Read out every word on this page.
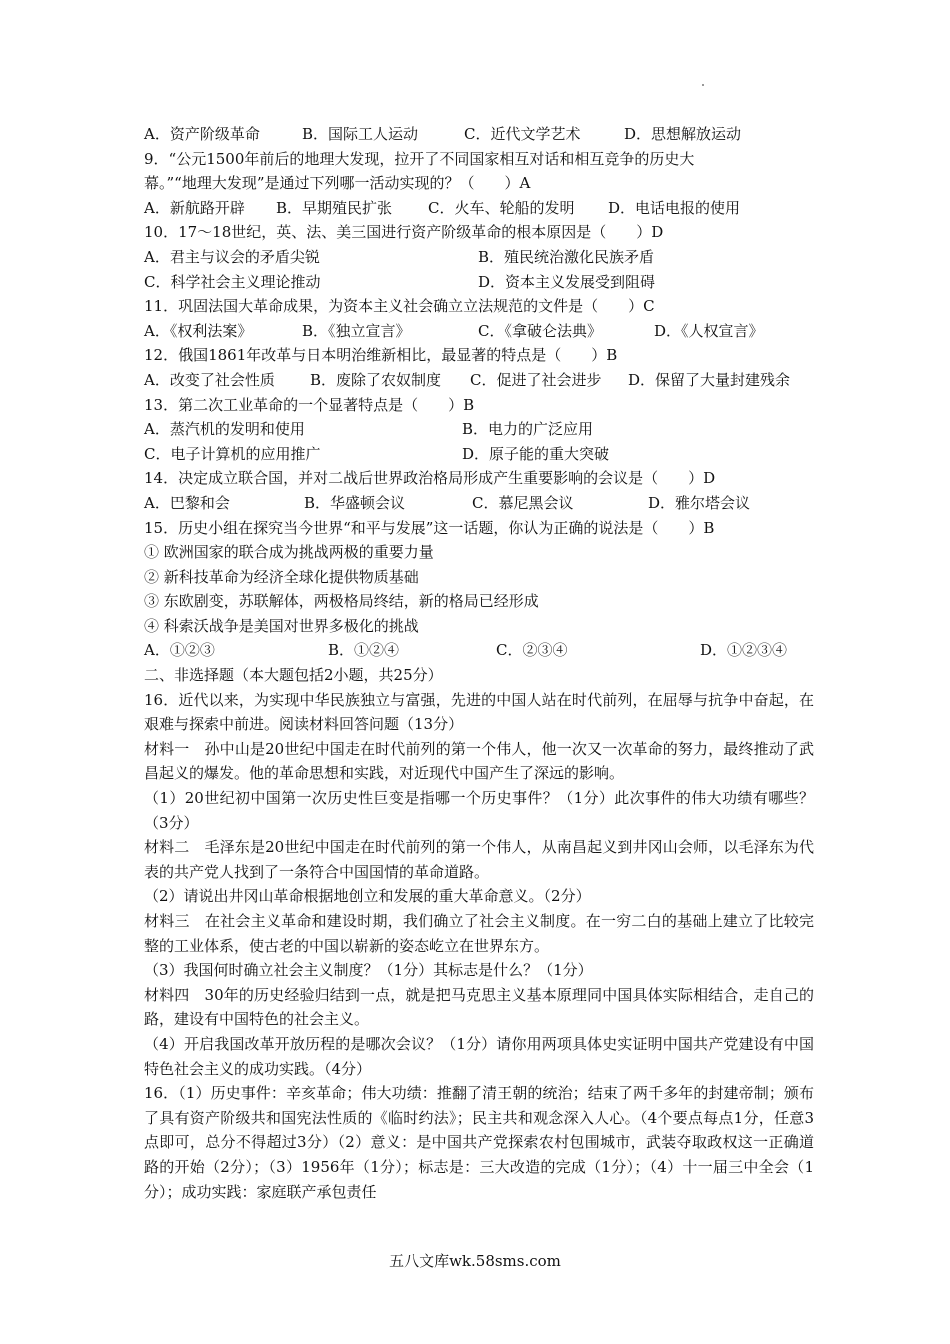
A．资产阶级革命	B．国际工人运动	C．近代文学艺术	D．思想解放运动
9．“公元1500年前后的地理大发现，拉开了不同国家相互对话和相互竞争的历史大
幕。”“地理大发现”是通过下列哪一活动实现的？（　　）A
A．新航路开辟	B．早期殖民扩张	C．火车、轮船的发明	D．电话电报的使用
10．17～18世纪，英、法、美三国进行资产阶级革命的根本原因是（　　）D
A．君主与议会的矛盾尖锐	B．殖民统治激化民族矛盾
C．科学社会主义理论推动	D．资本主义发展受到阻碍
11．巩固法国大革命成果，为资本主义社会确立立法规范的文件是（　　）C
A．《权利法案》	B．《独立宣言》	C．《拿破仑法典》	D．《人权宣言》
12．俄国1861年改革与日本明治维新相比，最显著的特点是（　　）B
A．改变了社会性质	B．废除了农奴制度	C．促进了社会进步	D．保留了大量封建残余
13．第二次工业革命的一个显著特点是（　　）B
A．蒸汽机的发明和使用	B．电力的广泛应用
C．电子计算机的应用推广	D．原子能的重大突破
14．决定成立联合国，并对二战后世界政治格局形成产生重要影响的会议是（　　）D
A．巴黎和会	B．华盛顿会议	C．慕尼黑会议	D．雅尔塔会议
15．历史小组在探究当今世界“和平与发展”这一话题，你认为正确的说法是（　　）B
① 欧洲国家的联合成为挑战两极的重要力量
② 新科技革命为经济全球化提供物质基础
③ 东欧剧变，苏联解体，两极格局终结，新的格局已经形成
④ 科索沃战争是美国对世界多极化的挑战
A．①②③	B．①②④	C．②③④	D．①②③④
二、非选择题（本大题包括2小题，共25分）
16．近代以来，为实现中华民族独立与富强，先进的中国人站在时代前列，在屈辱与抗争中奋起，在艰难与探索中前进。阅读材料回答问题（13分）
材料一　孙中山是20世纪中国走在时代前列的第一个伟人，他一次又一次革命的努力，最终推动了武昌起义的爆发。他的革命思想和实践，对近现代中国产生了深远的影响。
（1）20世纪初中国第一次历史性巨变是指哪一个历史事件？（1分）此次事件的伟大功绩有哪些？（3分）
材料二　毛泽东是20世纪中国走在时代前列的第一个伟人，从南昌起义到井冈山会师，以毛泽东为代表的共产党人找到了一条符合中国国情的革命道路。
（2）请说出井冈山革命根据地创立和发展的重大革命意义。（2分）
材料三　在社会主义革命和建设时期，我们确立了社会主义制度。在一穷二白的基础上建立了比较完整的工业体系，使古老的中国以崭新的姿态屹立在世界东方。
（3）我国何时确立社会主义制度？（1分）其标志是什么？（1分）
材料四　30年的历史经验归结到一点，就是把马克思主义基本原理同中国具体实际相结合，走自己的路，建设有中国特色的社会主义。
（4）开启我国改革开放历程的是哪次会议？（1分）请你用两项具体史实证明中国共产党建设有中国特色社会主义的成功实践。（4分）
16．（1）历史事件：辛亥革命；伟大功绩：推翻了清王朝的统治；结束了两千多年的封建帝制；颁布了具有资产阶级共和国宪法性质的《临时约法》；民主共和观念深入人心。（4个要点每点1分，任意3点即可，总分不得超过3分）（2）意义：是中国共产党探索农村包围城市，武装夺取政权这一正确道路的开始（2分）；（3）1956年（1分）；标志是：三大改造的完成（1分）；（4）十一届三中全会（1分）；成功实践：家庭联产承包责任
五八文库wk.58sms.com
